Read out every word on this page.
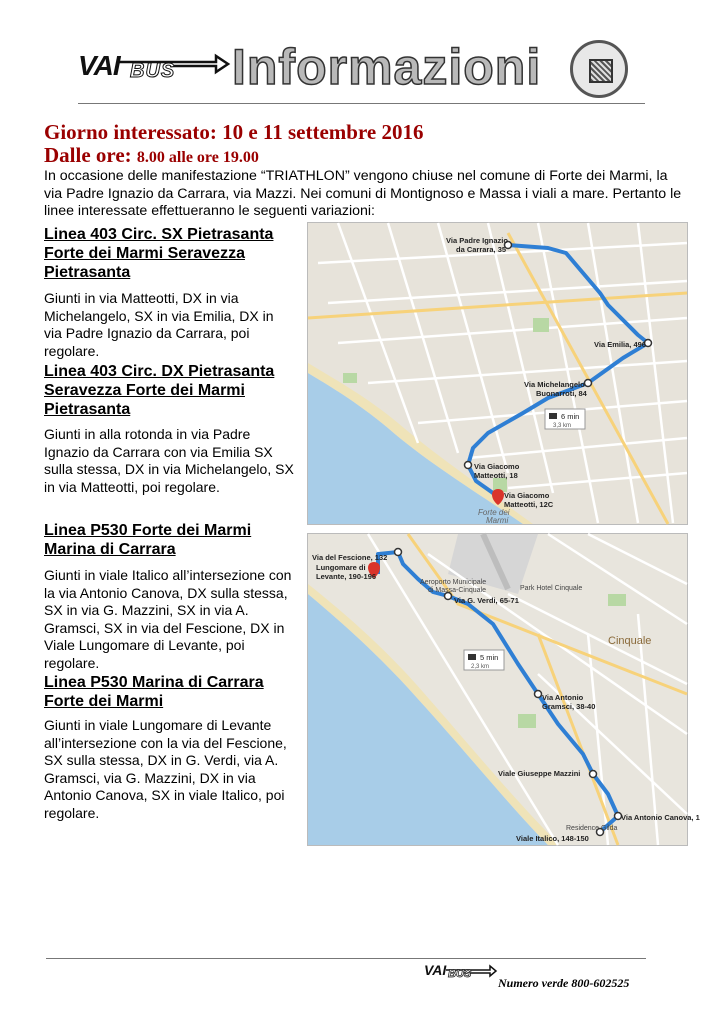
VAI BUS Informazioni
Giorno interessato: 10 e 11 settembre 2016
Dalle ore: 8.00 alle ore 19.00
In occasione delle manifestazione “TRIATHLON” vengono chiuse nel comune di Forte dei Marmi, la via Padre Ignazio da Carrara, via Mazzi. Nei comuni di Montignoso e Massa i viali a mare. Pertanto le linee interessate effettueranno le seguenti variazioni:
Linea 403 Circ. SX Pietrasanta Forte dei Marmi Seravezza Pietrasanta
Giunti in via Matteotti, DX in via Michelangelo, SX in via Emilia, DX in via Padre Ignazio da Carrara, poi regolare.
Linea 403 Circ. DX Pietrasanta Seravezza Forte dei Marmi Pietrasanta
Giunti in alla rotonda in via Padre Ignazio da Carrara con via Emilia SX sulla stessa, DX in via Michelangelo, SX in via Matteotti, poi regolare.
Linea P530 Forte dei Marmi Marina di Carrara
Giunti in viale Italico all’intersezione con la via Antonio Canova, DX sulla stessa, SX in via G. Mazzini, SX in via A. Gramsci, SX in via del Fescione, DX in Viale Lungomare di Levante, poi regolare.
Linea P530 Marina di Carrara Forte dei Marmi
Giunti in viale Lungomare di Levante all’intersezione con la via del Fescione, SX sulla stessa, DX in G. Verdi, via A. Gramsci, via G. Mazzini, DX in via Antonio Canova, SX in viale Italico, poi regolare.
Via Padre Ignazio
da Carrara, 35
Via Emilia, 496
Via Michelangelo
Buonarroti, 84
Via Giacomo
Matteotti, 18
Via Giacomo
Matteotti, 12C
Forte dei
Marmi
6 min
3,3 km
Via del Fescione, 132
Lungomare di
Levante, 190-196
Via G. Verdi, 65-71
Via Antonio
Gramsci, 38-40
Viale Giuseppe Mazzini
Via Antonio Canova, 1
Viale Italico, 148-150
Aeroporto Municipale
di Massa-Cinquale	Park Hotel Cinquale
Residence Gilda
Cinquale
5 min
2,3 km
VAI BUS
Numero verde 800-602525
